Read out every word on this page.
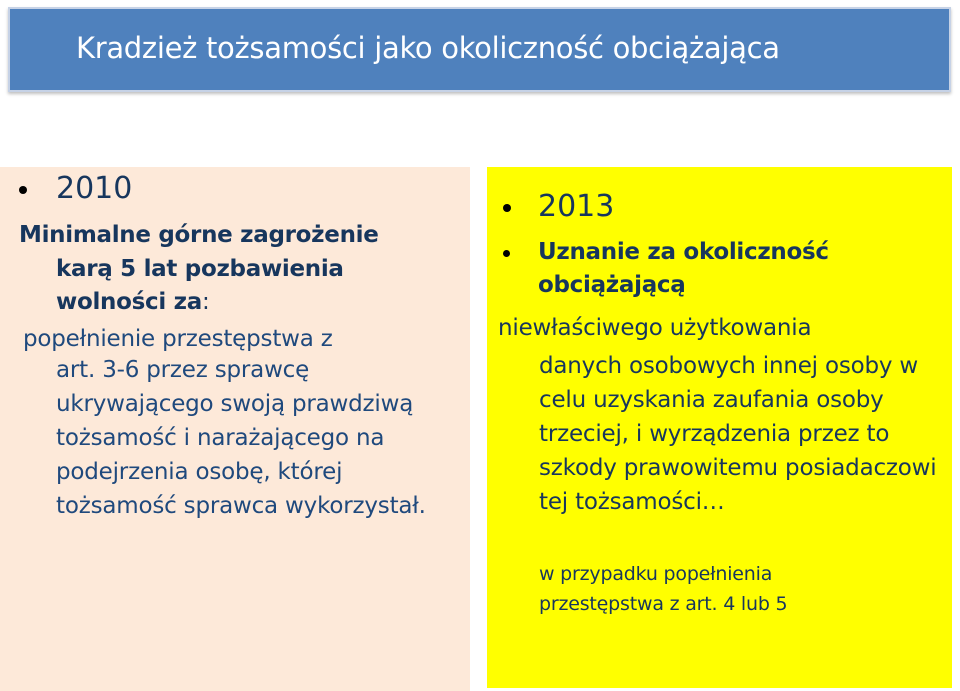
Kradzież tożsamości jako okoliczność obciążająca
2010
Minimalne górne zagrożenie
karą 5 lat pozbawienia
wolności za:
popełnienie przestępstwa z
art. 3-6 przez sprawcę ukrywającego swoją prawdziwą tożsamość i narażającego na podejrzenia osobę, której tożsamość sprawca wykorzystał.
2013
Uznanie za okoliczność
obciążającą
niewłaściwego użytkowania
danych osobowych innej osoby w celu uzyskania zaufania osoby trzeciej, i wyrządzenia przez to szkody prawowitemu posiadaczowi tej tożsamości…
w przypadku popełnienia
przestępstwa z art. 4 lub 5
